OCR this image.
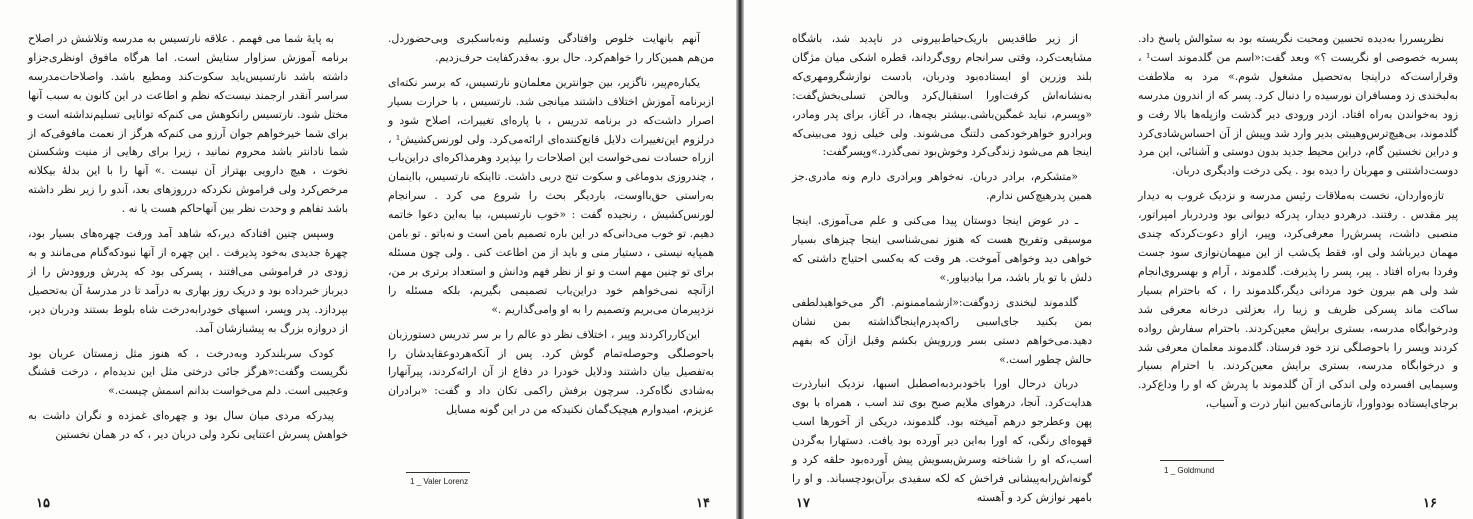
به پایهٔ شما می فهمم . علاقه نارتسیس به مدرسه وتلاشش در اصلاح برنامه آموزش سزاوار ستایش است. اما هرگاه مافوق اونظری‌جزاو داشته باشد نارتسیس‌باید سکوت‌کند ومطیع باشد. واصلاحات‌مدرسه سراسر آنقدر ارجمند نیست‌که نظم و اطاعت در این کانون به سبب آنها مختل شود. نارتسیس رانکوهش می کنم‌که توانایی تسلیم‌نداشته است و برای شما خیرخواهم جوان آرزو می کنم‌که هرگز از نعمت مافوقی‌که از شما نادانتر باشد محروم نمانید ، زیرا برای رهایی از منیت وشکستن نخوت ، هیچ دارویی بهتراز آن نیست .» آنها را با این بدلهٔ بیکلانه مرخص‌کرد ولی فراموش نکرد‌که درروزهای بعد، آندو را زیر نظر داشته باشد تفاهم و وحدت نظر بین آنهاحاکم هست یا نه .

وسپس چنین افتاد‌که دیر،که شاهد آمد ورفت چهره‌های بسیار بود، چهرهٔ جدیدی به‌خود پذیرفت . این چهره از آنها نبود‌که‌گنام می‌مانند و به زودی در فراموشی می‌افتند ، پسرکی بود که پدرش وروودش را از دیرباز خبرداده بود و دریک روز بهاری به درآمد تا در مدرسهٔ آن به‌تحصیل بپردازد. پدر وپسر، اسبهای خودرابه‌درخت شاه بلوط بستند ودربان دیر، از دروازه بزرگ به پیشبازشان آمد.

کودک سربلندکرد وبه‌درخت ، که هنوز مثل زمستان عریان بود نگریست وگفت:«هرگز جائی درختی مثل این ندیده‌ام ، درخت قشنگ وعجیبی است. دلم می‌خواست بدانم اسمش چیست.»

پیدرکه مردی میان سال بود و چهره‌ای غمزده و نگران داشت به خواهش پسرش اعتنایی نکرد ولی دربان دیر ، که در همان نخستین

۱۵

آنهم بانهایت خلوص وافتادگی وتسلیم ونه‌باسکبری وبی‌حضوردل. من‌هم همین‌کار را خواهم‌کرد. حال برو. به‌قدر‌کفایت حرف‌زدیم.

یکباره‌م‌پیر، ناگزیر، بین جوانترین معلمان‌و نارتسیس، که برسر نکته‌ای ازبرنامه آموزش اختلاف داشتند میانجی شد. نارتسیس ، با حرارت بسیار اصرار داشت‌که در برنامه تدریس ، با پاره‌ای تغییرات، اصلاح شود و درلزوم این‌تغییرات دلایل قانع‌کننده‌ای ارائه‌می‌کرد. ولی لورنس‌کشیش¹ ، ازراه حسادت نمی‌خواست این اصلاحات را بپذیرد وهرمذاکره‌ای دراین‌باب ، چندروزی بدوماغی و سکوت تنج دربی داشت. تااینکه نارتسیس، بااینمان به‌راستی حق‌بااوست، باردیگر بحث را شروع می کرد . سرانجام لورنس‌کشیش ، رنجیده گفت : «خوب نارتسیس، بیا به‌این دعوا خاتمه دهیم. تو خوب می‌دانی‌که در این باره تصمیم بامن است و نه‌باتو . تو بامن همپایه نیستی ، دستیار منی و باید از من اطاعت کنی . ولی چون مسئله برای تو چنین مهم است و تو از نظر فهم ودانش و استعداد برتری بر من، ازآنچه نمی‌خواهم خود دراین‌باب تصمیمی بگیریم، بلکه مسئله را نزدپیرمان می‌بریم وتصمیم را به او وامی‌گذاریم .»

این‌کار‌را‌کردند وپیر ، اختلاف نظر دو عالم را بر سر تدریس دستورزبان باحوصلگی وحوصله‌تمام گوش کرد. پس از آنکه‌هردوعقایدشان را به‌تفصیل بیان داشتند ودلایل خودرا در دفاع از آن ارائه‌کردند، پیرآنهارا به‌شادی نگاه‌کرد. سرچون برفش را‌کمی تکان داد و گفت: «برادران عزیزم، امیدوارم هیچیک‌گمان نکنیدکه من در این گونه مسایل

1 _ Valer Lorenz
۱۴

از زیر طاقدیس باریک‌حیاط‌بیرونی در ناپدید شد، باشگاه مشایعت‌کرد، وقتی سرانجام روی‌گرداند، قطره اشکی میان مژگان بلند وزرین او ایستاده‌بود ودربان، بادست نوازشگرومهری‌که به‌نشانه‌اش کرفت‌اورا استقبال‌کرد وبالحن تسلی‌بخش‌گفت: «وپسرم، نباید غمگین‌باشی.بیشتر بچه‌ها، در آغاز، برای پدر ومادر، وبرادرو خواهرخود‌کمی دلتنگ می‌شوند. ولی خیلی زود می‌بینی‌که اینجا هم می‌شود زندگی‌کرد وخوش‌بود نمی‌گذرد.»وپسرگفت:

«متشکرم، برادر دربان. نه‌خواهر وبرادری دارم ونه مادری.جز همین پدرهیچ‌کس ندارم.

ـ در عوض اینجا دوستان پیدا می‌کنی و علم می‌آموزی. اینجا موسیقی وتفریح هست که هنوز نمی‌شناسی اینجا چیزهای بسیار خواهی دید وخواهی آموخت. هر وقت که به‌کسی احتیاج داشتی که دلش با تو یار باشد، مرا بیادبیاور.»

گلدموند لبخندی زدو‌گفت:«ازشماممنونم. اگر می‌خواهیدلطفی بمن بکنید جای‌اسبی راکه‌پدرم‌اینجاگذاشته بمن نشان دهید.می‌خواهم دستی بسر وررویش بکشم وقبل ازآن که بفهم حالش چطور است.»

دربان درحال اورا باخودبردبه‌اصطبل اسبها، نزدیک انبارذرت هدایت‌کرد. آنجا، درهوای ملایم صبح بوی تند اسب ، همراه با بوی پهن وعطرجو درهم آمیخته بود. گلدموند، دریکی از آخورها اسب قهوه‌ای رنگی، که اورا به‌این دیر آورده بود یافت. دستهارا به‌گردن اسب،که او را شناخته وسرش‌بسویش پیش آورده‌بود حلقه کرد و گونه‌اش‌رابه‌پیشانی فراخش که لکه سفیدی برآن‌بودچسباند. و او را بامهر نوازش کرد و آهسته

۱۷

نظرپسررا به‌دیده تحسین ومحبت نگریسته بود به سئوالش پاسخ داد. پسربه خصوصی او نگریست ؟» وبعد گفت:«اسم من گلدموند است¹ ، وقراراست‌که دراینجا به‌تحصیل مشغول شوم.» مرد به ملاطفت به‌لبخندی زد ومسافران نورسیده را دنبال کرد. پسر که از اندرون مدرسه زود به‌خواندن به‌راه افتاد. ازدر ورودی دیر گذشت وازپله‌ها بالا رفت و گلدموند، بی‌هیچ‌ترس‌وهیبتی بدیر وارد شد وپیش از آن احساس‌شادی‌کرد و دراین نخستین گام، دراین محیط جدید بدون دوستی و آشنائی، این مرد دوست‌داشتنی و مهربان را دیده بود . یکی درخت وادیگری دربان.

تازه‌واردان، نخست به‌ملاقات رئیس مدرسه و نزدیک غروب به دیدار پیر مقدس . رفتند. درهردو دیدار، پدرکه دیوانی بود ودردربار امپراتور، منصبی داشت، پسرش‌را معرفی‌کرد، وپیر، ازاو دعوت‌کرد‌که چندی مهمان دیرباشد ولی او، فقط یک‌شب از این میهمان‌نوازی سود جست وفردا به‌راه افتاد . پیر، پسر را پذیرفت. گلدموند ، آرام و بهسروی‌انجام شد ولی هم بیرون خود مردانی دیگر،گلدموند را ، که باحترام بسیار ساکت ماند پسرکی ظریف و زیبا را، بعزلتی درخانه معرفی شد ودرخوابگاه مدرسه، بستری برایش معین‌کردند. باحترام سفارش رواده کردند وپسر را باحوصلگی نزد خود فرستاد. گلدموند معلمان معرفی شد و درخوابگاه مدرسه، بستری برایش معین‌کردند. با احترام بسیار وسیمایی افسرده ولی اندکی از آن گلدموند با پدرش که او را وداع‌کرد. برجای‌ایستاده بودواورا، تازمانی‌که‌بین انبار ذرت و آسیاب،

1 _ Goldmund
۱۶
